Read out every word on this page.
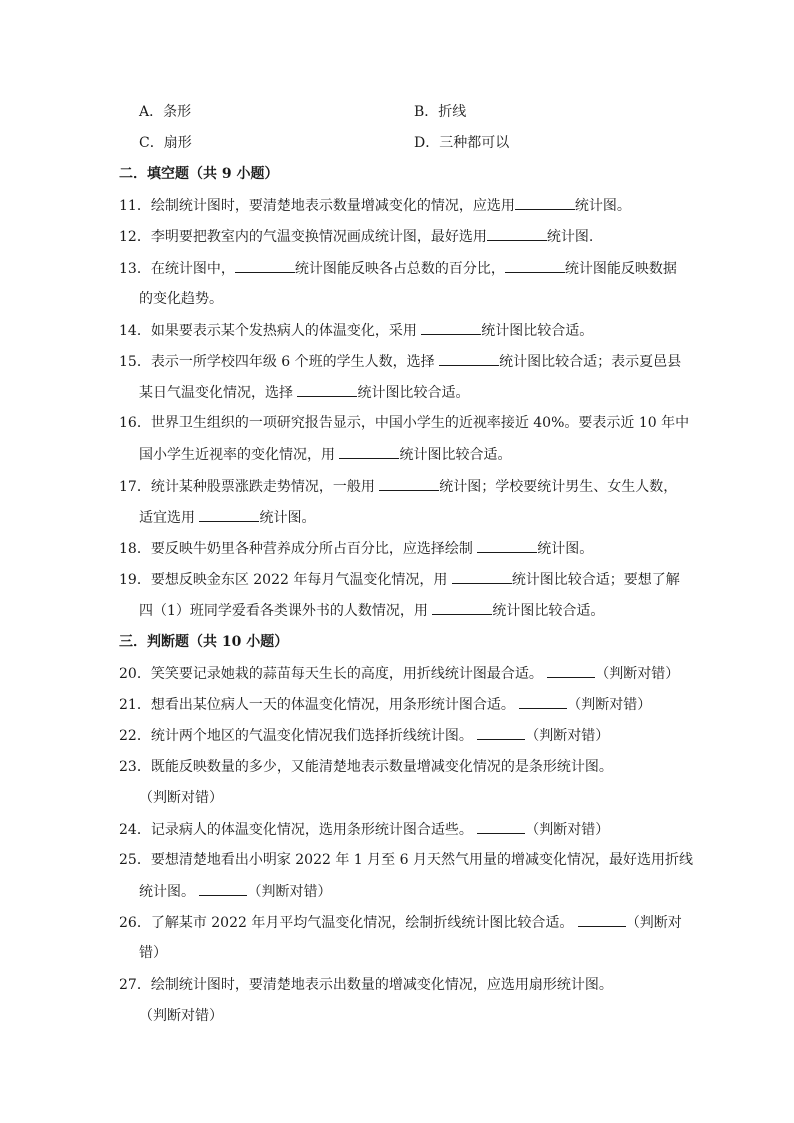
A．条形	B．折线
C．扇形	D．三种都可以
二．填空题（共 9 小题）
11．绘制统计图时，要清楚地表示数量增减变化的情况，应选用	统计图。
12．李明要把教室内的气温变换情况画成统计图，最好选用	统计图.
13．在统计图中，	统计图能反映各占总数的百分比，	统计图能反映数据
的变化趋势。
14．如果要表示某个发热病人的体温变化，采用	统计图比较合适。
15．表示一所学校四年级 6 个班的学生人数，选择	统计图比较合适；表示夏邑县
某日气温变化情况，选择	统计图比较合适。
16．世界卫生组织的一项研究报告显示，中国小学生的近视率接近 40%。要表示近 10 年中
国小学生近视率的变化情况，用	统计图比较合适。
17．统计某种股票涨跌走势情况，一般用	统计图；学校要统计男生、女生人数，
适宜选用	统计图。
18．要反映牛奶里各种营养成分所占百分比，应选择绘制	统计图。
19．要想反映金东区 2022 年每月气温变化情况，用	统计图比较合适；要想了解
四（1）班同学爱看各类课外书的人数情况，用	统计图比较合适。
三．判断题（共 10 小题）
20．笑笑要记录她栽的蒜苗每天生长的高度，用折线统计图最合适。	（判断对错）
21．想看出某位病人一天的体温变化情况，用条形统计图合适。	（判断对错）
22．统计两个地区的气温变化情况我们选择折线统计图。	（判断对错）
23．既能反映数量的多少，又能清楚地表示数量增减变化情况的是条形统计图。
（判断对错）
24．记录病人的体温变化情况，选用条形统计图合适些。	（判断对错）
25．要想清楚地看出小明家 2022 年 1 月至 6 月天然气用量的增减变化情况，最好选用折线
统计图。	（判断对错）
26．了解某市 2022 年月平均气温变化情况，绘制折线统计图比较合适。	（判断对
错）
27．绘制统计图时，要清楚地表示出数量的增减变化情况，应选用扇形统计图。
（判断对错）
